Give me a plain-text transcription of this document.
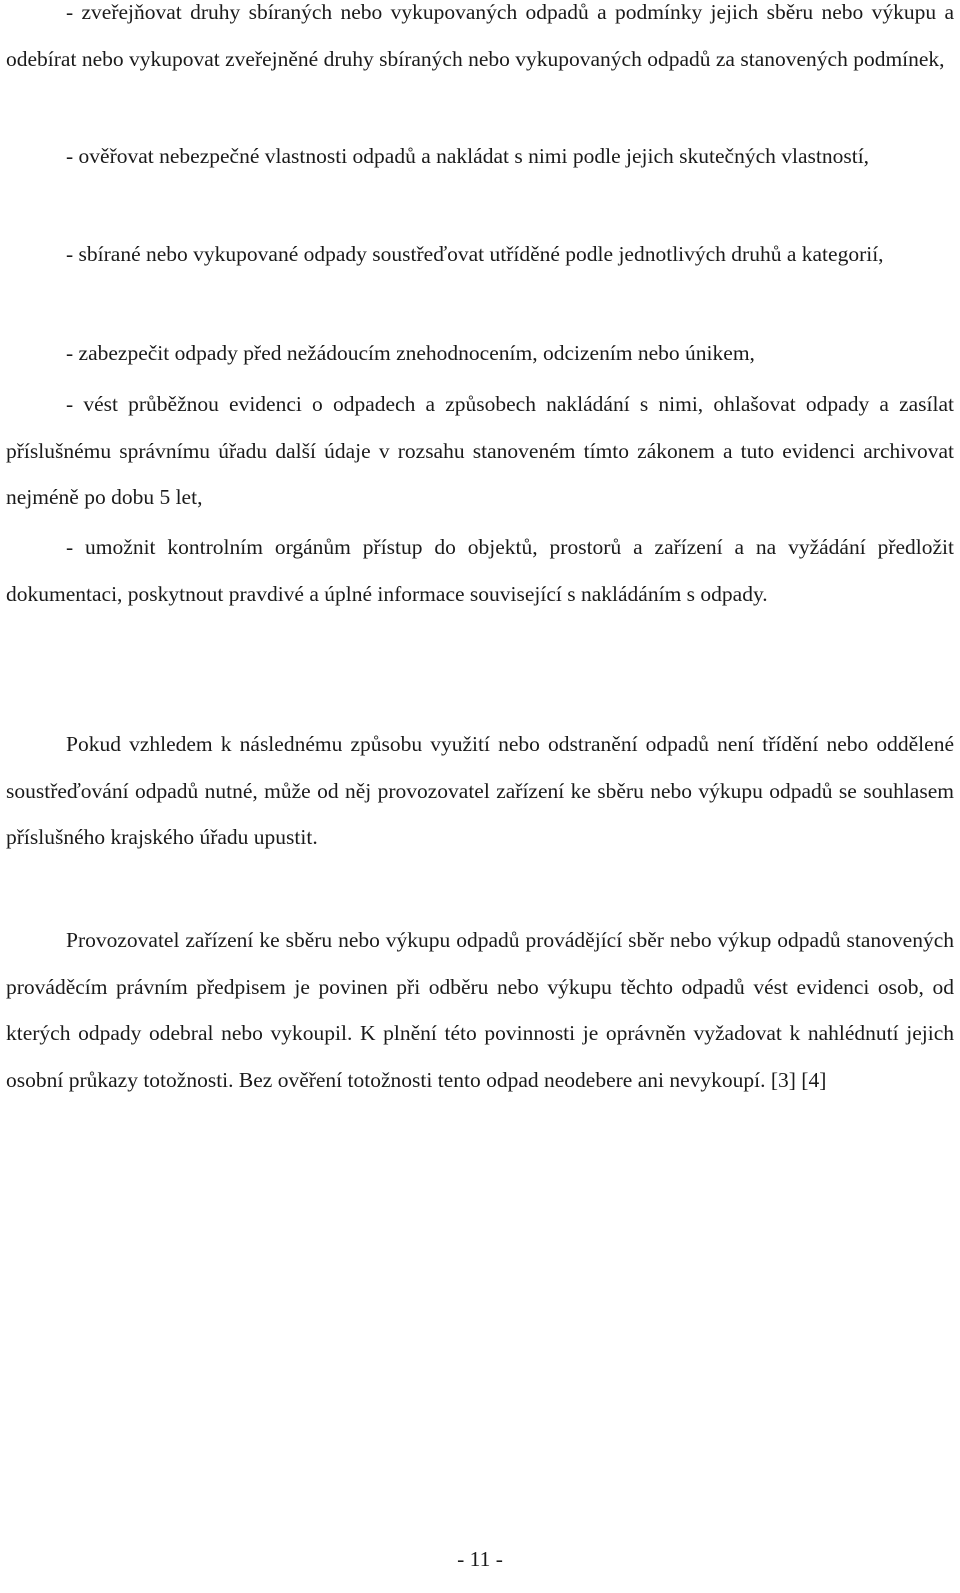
- zveřejňovat druhy sbíraných nebo vykupovaných odpadů a podmínky jejich sběru nebo výkupu a odebírat nebo vykupovat zveřejněné druhy sbíraných nebo vykupovaných odpadů za stanovených podmínek,

- ověřovat nebezpečné vlastnosti odpadů a nakládat s nimi podle jejich skutečných vlastností,

- sbírané nebo vykupované odpady soustřeďovat utříděné podle jednotlivých druhů a kategorií,

- zabezpečit odpady před nežádoucím znehodnocením, odcizením nebo únikem,

- vést průběžnou evidenci o odpadech a způsobech nakládání s nimi, ohlašovat odpady a zasílat příslušnému správnímu úřadu další údaje v rozsahu stanoveném tímto zákonem a tuto evidenci archivovat nejméně po dobu 5 let,

- umožnit kontrolním orgánům přístup do objektů, prostorů a zařízení a na vyžádání předložit dokumentaci, poskytnout pravdivé a úplné informace související s nakládáním s odpady.

Pokud vzhledem k následnému způsobu využití nebo odstranění odpadů není třídění nebo oddělené soustřeďování odpadů nutné, může od něj provozovatel zařízení ke sběru nebo výkupu odpadů se souhlasem příslušného krajského úřadu upustit.

Provozovatel zařízení ke sběru nebo výkupu odpadů provádějící sběr nebo výkup odpadů stanovených prováděcím právním předpisem je povinen při odběru nebo výkupu těchto odpadů vést evidenci osob, od kterých odpady odebral nebo vykoupil. K plnění této povinnosti je oprávněn vyžadovat k nahlédnutí jejich osobní průkazy totožnosti. Bez ověření totožnosti tento odpad neodebere ani nevykoupí. [3] [4]

- 11 -
